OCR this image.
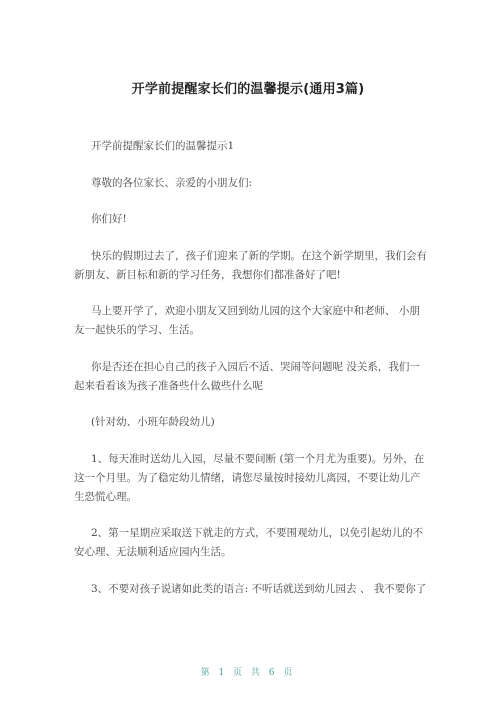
开学前提醒家长们的温馨提示(通用3篇)

开学前提醒家长们的温馨提示1

尊敬的各位家长、亲爱的小朋友们:

你们好!

快乐的假期过去了，孩子们迎来了新的学期。在这个新学期里，我们会有新朋友、新目标和新的学习任务，我想你们都准备好了吧!

马上要开学了，欢迎小朋友又回到幼儿园的这个大家庭中和老师、 小朋友一起快乐的学习、生活。

你是否还在担心自己的孩子入园后不适、哭闹等问题呢 没关系，我们一起来看看该为孩子准备些什么做些什么呢

(针对幼、小班年龄段幼儿)

1、每天准时送幼儿入园，尽量不要间断 (第一个月尤为重要)。另外，在这一个月里。为了稳定幼儿情绪，请您尽量按时接幼儿离园，不要让幼儿产生恐慌心理。

2、第一星期应采取送下就走的方式，不要围观幼儿，以免引起幼儿的不安心理、无法顺利适应园内生活。

3、不要对孩子说诸如此类的语言: 不听话就送到幼儿园去 、 我不要你了

第 1 页 共 6 页
